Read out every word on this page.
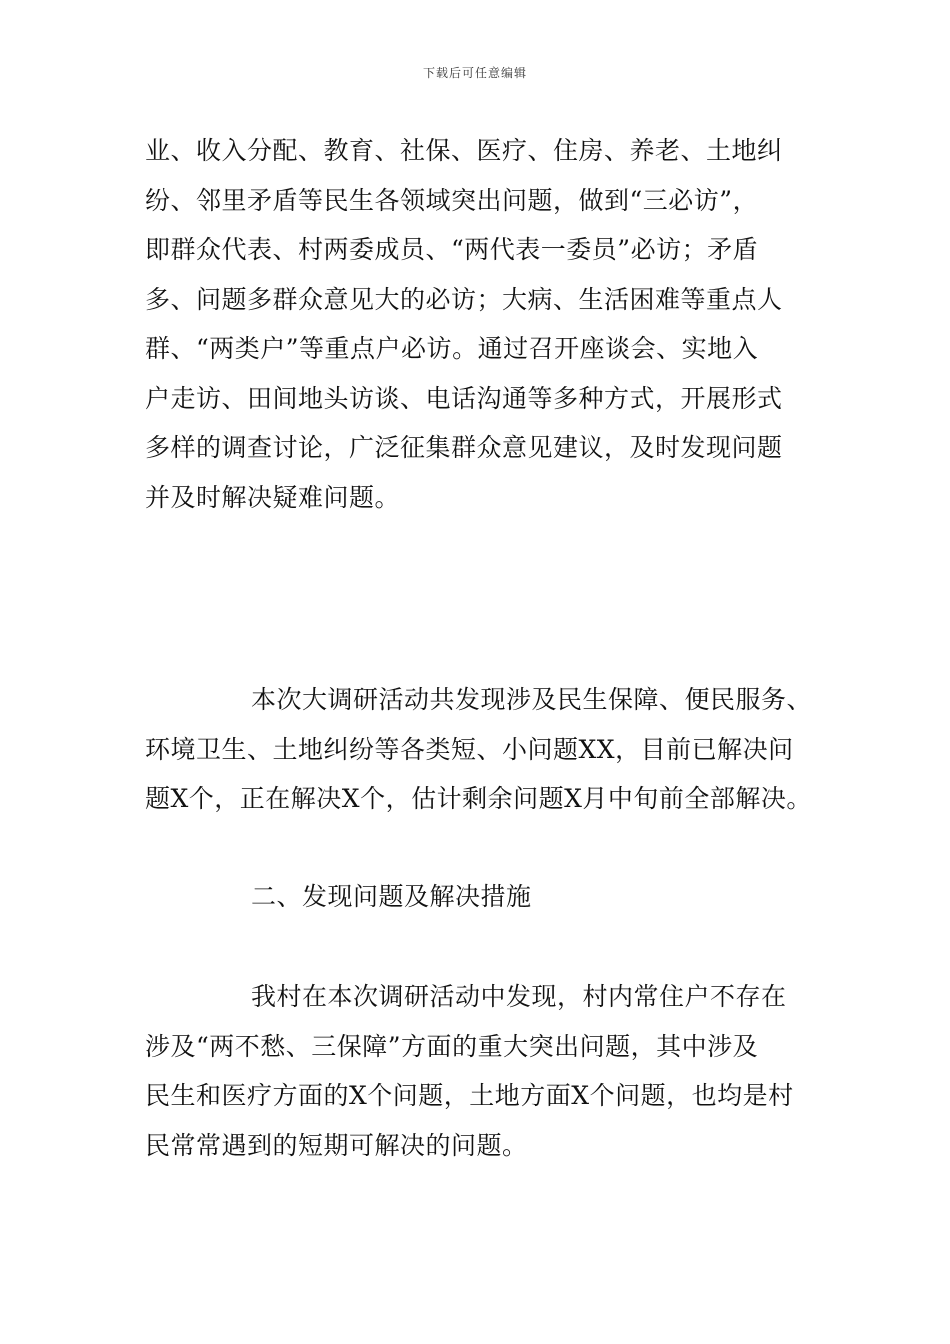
下载后可任意编辑
业、收入分配、教育、社保、医疗、住房、养老、土地纠
纷、邻里矛盾等民生各领域突出问题，做到“三必访”，
即群众代表、村两委成员、“两代表一委员”必访；矛盾
多、问题多群众意见大的必访；大病、生活困难等重点人
群、“两类户”等重点户必访。通过召开座谈会、实地入
户走访、田间地头访谈、电话沟通等多种方式，开展形式
多样的调查讨论，广泛征集群众意见建议，及时发现问题
并及时解决疑难问题。
本次大调研活动共发现涉及民生保障、便民服务、
环境卫生、土地纠纷等各类短、小问题XX，目前已解决问
题X个，正在解决X个，估计剩余问题X月中旬前全部解决。
二、发现问题及解决措施
我村在本次调研活动中发现，村内常住户不存在
涉及“两不愁、三保障”方面的重大突出问题，其中涉及
民生和医疗方面的X个问题，土地方面X个问题，也均是村
民常常遇到的短期可解决的问题。
